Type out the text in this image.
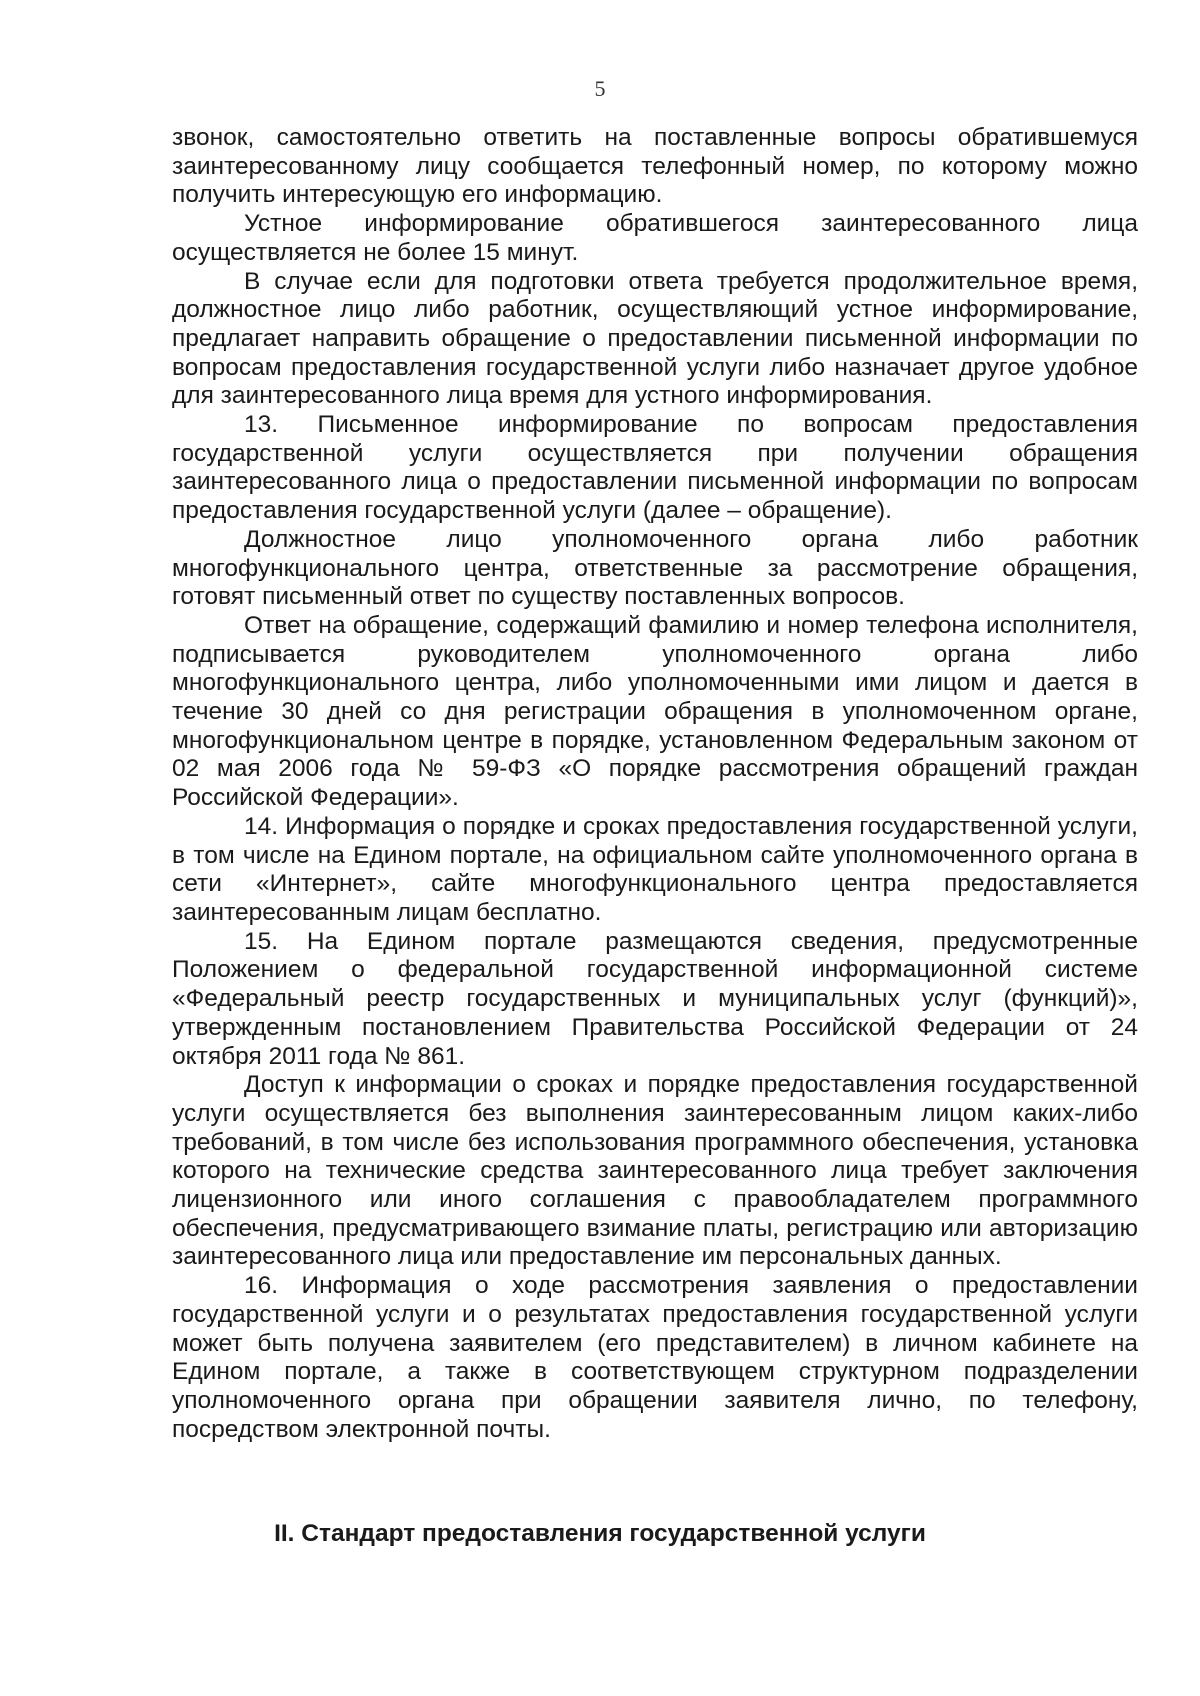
5

звонок, самостоятельно ответить на поставленные вопросы обратившемуся заинтересованному лицу сообщается телефонный номер, по которому можно получить интересующую его информацию.

Устное информирование обратившегося заинтересованного лица осуществляется не более 15 минут.

В случае если для подготовки ответа требуется продолжительное время, должностное лицо либо работник, осуществляющий устное информирование, предлагает направить обращение о предоставлении письменной информации по вопросам предоставления государственной услуги либо назначает другое удобное для заинтересованного лица время для устного информирования.

13. Письменное информирование по вопросам предоставления государственной услуги осуществляется при получении обращения заинтересованного лица о предоставлении письменной информации по вопросам предоставления государственной услуги (далее – обращение).

Должностное лицо уполномоченного органа либо работник многофункционального центра, ответственные за рассмотрение обращения, готовят письменный ответ по существу поставленных вопросов.

Ответ на обращение, содержащий фамилию и номер телефона исполнителя, подписывается руководителем уполномоченного органа либо многофункционального центра, либо уполномоченными ими лицом и дается в течение 30 дней со дня регистрации обращения в уполномоченном органе, многофункциональном центре в порядке, установленном Федеральным законом от 02 мая 2006 года № 59-ФЗ «О порядке рассмотрения обращений граждан Российской Федерации».

14. Информация о порядке и сроках предоставления государственной услуги, в том числе на Едином портале, на официальном сайте уполномоченного органа в сети «Интернет», сайте многофункционального центра предоставляется заинтересованным лицам бесплатно.

15. На Едином портале размещаются сведения, предусмотренные Положением о федеральной государственной информационной системе «Федеральный реестр государственных и муниципальных услуг (функций)», утвержденным постановлением Правительства Российской Федерации от 24 октября 2011 года № 861.

Доступ к информации о сроках и порядке предоставления государственной услуги осуществляется без выполнения заинтересованным лицом каких-либо требований, в том числе без использования программного обеспечения, установка которого на технические средства заинтересованного лица требует заключения лицензионного или иного соглашения с правообладателем программного обеспечения, предусматривающего взимание платы, регистрацию или авторизацию заинтересованного лица или предоставление им персональных данных.

16. Информация о ходе рассмотрения заявления о предоставлении государственной услуги и о результатах предоставления государственной услуги может быть получена заявителем (его представителем) в личном кабинете на Едином портале, а также в соответствующем структурном подразделении уполномоченного органа при обращении заявителя лично, по телефону, посредством электронной почты.

II. Стандарт предоставления государственной услуги
